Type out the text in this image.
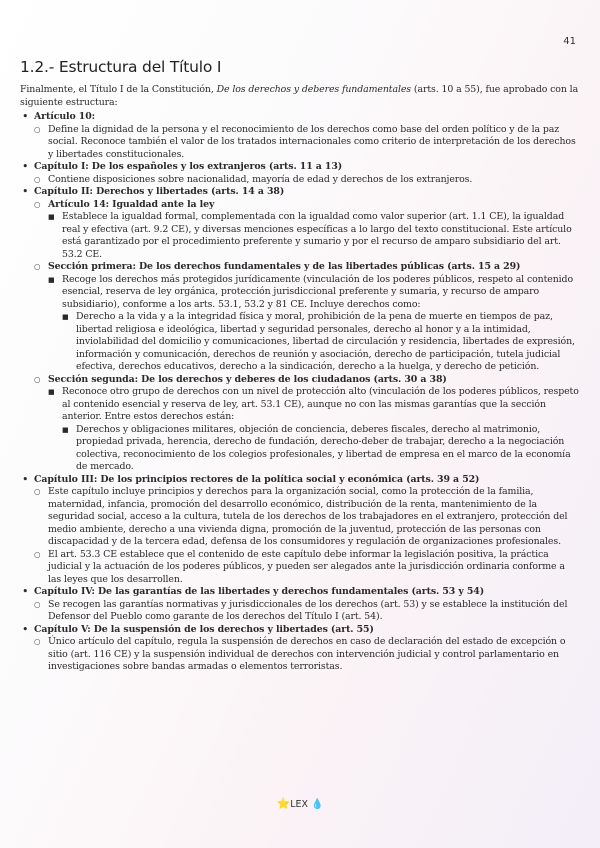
41
1.2.- Estructura del Título I

Finalmente, el Título I de la Constitución, De los derechos y deberes fundamentales (arts. 10 a 55), fue aprobado con la siguiente estructura:

• Artículo 10:
○ Define la dignidad de la persona y el reconocimiento de los derechos como base del orden político y de la paz social. Reconoce también el valor de los tratados internacionales como criterio de interpretación de los derechos y libertades constitucionales.
• Capítulo I: De los españoles y los extranjeros (arts. 11 a 13)
○ Contiene disposiciones sobre nacionalidad, mayoría de edad y derechos de los extranjeros.
• Capítulo II: Derechos y libertades (arts. 14 a 38)
○ Artículo 14: Igualdad ante la ley
■ Establece la igualdad formal, complementada con la igualdad como valor superior (art. 1.1 CE), la igualdad real y efectiva (art. 9.2 CE), y diversas menciones específicas a lo largo del texto constitucional. Este artículo está garantizado por el procedimiento preferente y sumario y por el recurso de amparo subsidiario del art. 53.2 CE.
○ Sección primera: De los derechos fundamentales y de las libertades públicas (arts. 15 a 29)
■ Recoge los derechos más protegidos jurídicamente (vinculación de los poderes públicos, respeto al contenido esencial, reserva de ley orgánica, protección jurisdiccional preferente y sumaria, y recurso de amparo subsidiario), conforme a los arts. 53.1, 53.2 y 81 CE. Incluye derechos como:
■ Derecho a la vida y a la integridad física y moral, prohibición de la pena de muerte en tiempos de paz, libertad religiosa e ideológica, libertad y seguridad personales, derecho al honor y a la intimidad, inviolabilidad del domicilio y comunicaciones, libertad de circulación y residencia, libertades de expresión, información y comunicación, derechos de reunión y asociación, derecho de participación, tutela judicial efectiva, derechos educativos, derecho a la sindicación, derecho a la huelga, y derecho de petición.
○ Sección segunda: De los derechos y deberes de los ciudadanos (arts. 30 a 38)
■ Reconoce otro grupo de derechos con un nivel de protección alto (vinculación de los poderes públicos, respeto al contenido esencial y reserva de ley, art. 53.1 CE), aunque no con las mismas garantías que la sección anterior. Entre estos derechos están:
■ Derechos y obligaciones militares, objeción de conciencia, deberes fiscales, derecho al matrimonio, propiedad privada, herencia, derecho de fundación, derecho-deber de trabajar, derecho a la negociación colectiva, reconocimiento de los colegios profesionales, y libertad de empresa en el marco de la economía de mercado.
• Capítulo III: De los principios rectores de la política social y económica (arts. 39 a 52)
○ Este capítulo incluye principios y derechos para la organización social, como la protección de la familia, maternidad, infancia, promoción del desarrollo económico, distribución de la renta, mantenimiento de la seguridad social, acceso a la cultura, tutela de los derechos de los trabajadores en el extranjero, protección del medio ambiente, derecho a una vivienda digna, promoción de la juventud, protección de las personas con discapacidad y de la tercera edad, defensa de los consumidores y regulación de organizaciones profesionales.
○ El art. 53.3 CE establece que el contenido de este capítulo debe informar la legislación positiva, la práctica judicial y la actuación de los poderes públicos, y pueden ser alegados ante la jurisdicción ordinaria conforme a las leyes que los desarrollen.
• Capítulo IV: De las garantías de las libertades y derechos fundamentales (arts. 53 y 54)
○ Se recogen las garantías normativas y jurisdiccionales de los derechos (art. 53) y se establece la institución del Defensor del Pueblo como garante de los derechos del Título I (art. 54).
• Capítulo V: De la suspensión de los derechos y libertades (art. 55)
○ Único artículo del capítulo, regula la suspensión de derechos en caso de declaración del estado de excepción o sitio (art. 116 CE) y la suspensión individual de derechos con intervención judicial y control parlamentario en investigaciones sobre bandas armadas o elementos terroristas.
⭐LEX 💧
